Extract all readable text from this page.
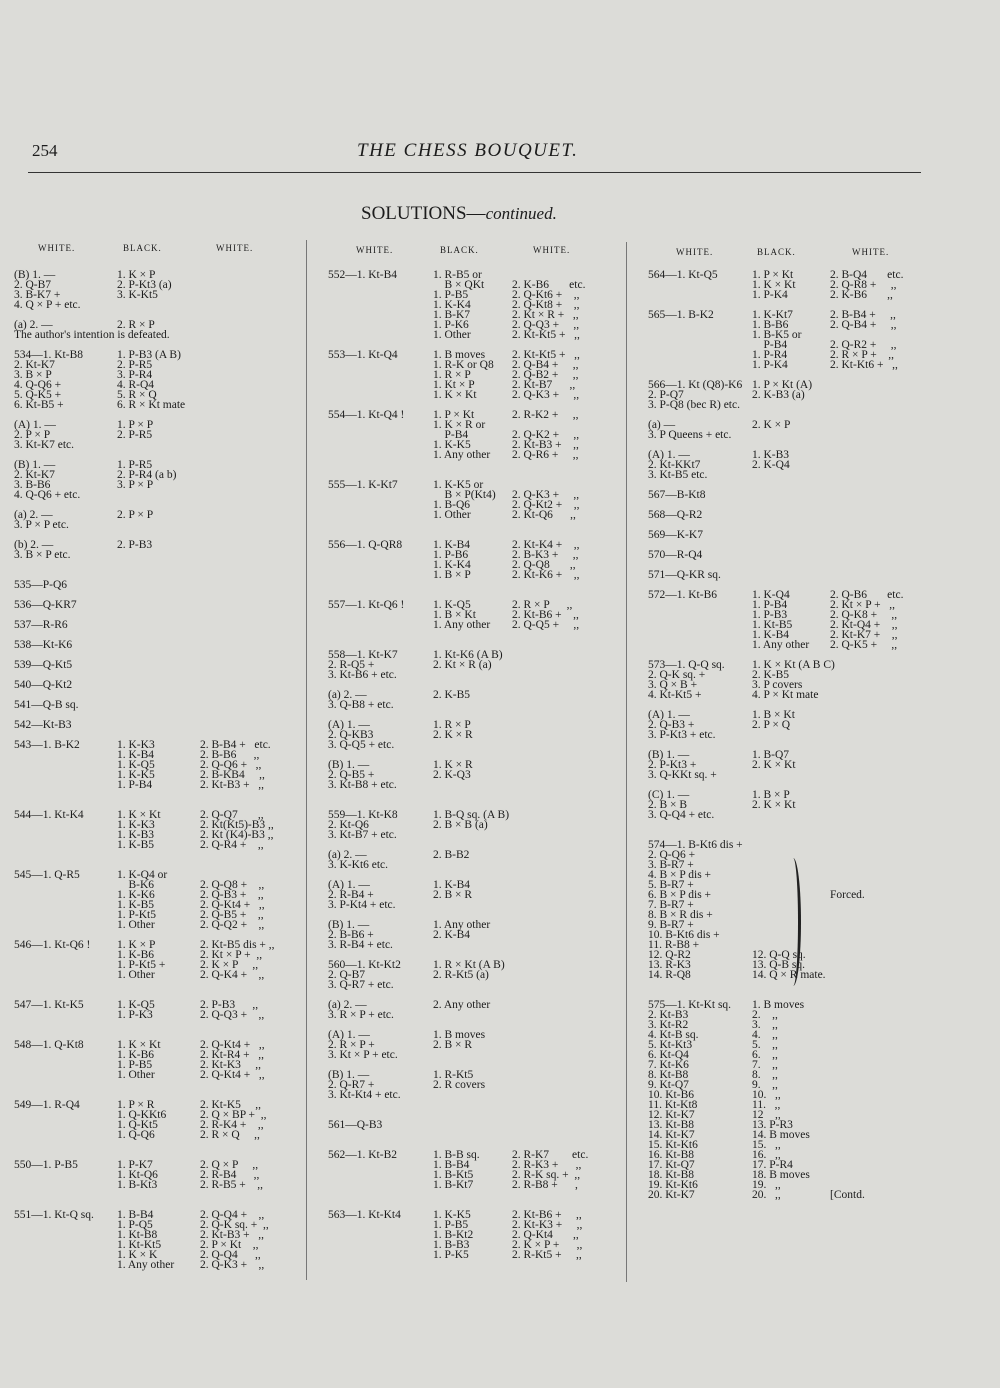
254	THE CHESS BOUQUET.
SOLUTIONS—continued.
WHITE.	BLACK.	WHITE.	WHITE.	BLACK.	WHITE.	WHITE.	BLACK.	WHITE.
(B) 1. —	1. K × P
2. Q-B7	2. P-Kt3 (a)
3. B-K7 +	3. K-Kt5
4. Q × P + etc.
(a) 2. —	2. R × P
The author's intention is defeated.
534—1. Kt-B8	1. P-B3 (A B)
2. Kt-K7	2. P-R5
3. B × P	3. P-R4
4. Q-Q6 +	4. R-Q4
5. Q-K5 +	5. R × Q
6. Kt-B5 +	6. R × Kt mate
(A) 1. —	1. P × P
2. P × P	2. P-R5
3. Kt-K7 etc.
(B) 1. —	1. P-R5
2. Kt-K7	2. P-R4 (a b)
3. B-B6	3. P × P
4. Q-Q6 + etc.
(a) 2. —	2. P × P
3. P × P etc.
(b) 2. —	2. P-B3
3. B × P etc.
535—P-Q6
536—Q-KR7
537—R-R6
538—Kt-K6
539—Q-Kt5
540—Q-Kt2
541—Q-B sq.
542—Kt-B3
543—1. B-K2	1. K-K3	2. B-B4 +   etc.
1. K-B4	2. B-B6      ,,
1. K-Q5	2. Q-Q6 +   ,,
1. K-K5	2. B-KB4     ,,
1. P-B4	2. Kt-B3 +   ,,
544—1. Kt-K4	1. K × Kt	2. Q-Q7       ,,
1. K-K3	2. Kt(Kt5)-B3 ,,
1. K-B3	2. Kt (K4)-B3 ,,
1. K-B5	2. Q-R4 +    ,,
545—1. Q-R5	1. K-Q4 or
B-K6	2. Q-Q8 +    ,,
1. K-K6	2. Q-B3 +    ,,
1. K-B5	2. Q-Kt4 +   ,,
1. P-Kt5	2. Q-B5 +    ,,
1. Other	2. Q-Q2 +    ,,
546—1. Kt-Q6 ! 1. K × P	2. Kt-B5 dis + ,,
1. K-B6	2. Kt × P +  ,,
1. P-Kt5 +	2. K × P     ,,
1. Other	2. Q-K4 +    ,,
547—1. Kt-K5	1. K-Q5	2. P-B3      ,,
1. P-K3	2. Q-Q3 +    ,,
548—1. Q-Kt8	1. K × Kt	2. Q-Kt4 +   ,,
1. K-B6	2. Kt-R4 +   ,,
1. P-B5	2. Kt-K3     ,,
1. Other	2. Q-Kt4 +   ,,
549—1. R-Q4	1. P × R	2. Kt-K5     ,,
1. Q-KKt6	2. Q × BP +  ,,
1. Q-Kt5	2. R-K4 +    ,,
1. Q-Q6	2. R × Q     ,,
550—1. P-B5	1. P-K7	2. Q × P     ,,
1. Kt-Q6	2. R-B4      ,,
1. B-Kt3	2. R-B5 +    ,,
551—1. Kt-Q sq. 1. B-B4	2. Q-Q4 +    ,,
1. P-Q5	2. Q-K sq. +  ,,
1. Kt-B8	2. Kt-B3 +   ,,
1. Kt-Kt5	2. P × Kt    ,,
1. K × K	2. Q-Q4      ,,
1. Any other 2. Q-K3 +    ,,
552—1. Kt-B4	1. R-B5 or
B × QKt 2. K-B6       etc.
1. P-B5	2. Q-Kt6 +    ,,
1. K-K4	2. Q-Kt8 +    ,,
1. B-K7	2. Kt × R +   ,,
1. P-K6	2. Q-Q3 +     ,,
1. Other	2. Kt-Kt5 +   ,,
553—1. Kt-Q4	1. B moves 2. Kt-Kt5 +   ,,
1. R-K or Q8 2. Q-B4 +     ,,
1. R × P	2. Q-B2 +     ,,
1. Kt × P	2. Kt-B7      ,,
1. K × Kt	2. Q-K3 +     ,,
554—1. Kt-Q4 ! 1. P × Kt	2. R-K2 +     ,,
1. K × R or
P-B4	2. Q-K2 +     ,,
1. K-K5	2. Kt-B3 +    ,,
1. Any other 2. Q-R6 +     ,,
555—1. K-Kt7	1. K-K5 or
B × P(Kt4) 2. Q-K3 +     ,,
1. B-Q6	2. Q-Kt2 +    ,,
1. Other	2. Kt-Q6      ,,
556—1. Q-QR8	1. K-B4	2. Kt-K4 +    ,,
1. P-B6	2. B-K3 +     ,,
1. K-K4	2. Q-Q8       ,,
1. B × P	2. Kt-K6 +    ,,
557—1. Kt-Q6 ! 1. K-Q5	2. R × P      ,,
1. B × Kt	2. Kt-B6 +    ,,
1. Any other 2. Q-Q5 +     ,,
558—1. Kt-K7	1. Kt-K6 (A B)
2. R-Q5 +	2. Kt × R (a)
3. Kt-B6 + etc.
(a) 2. —	2. K-B5
3. Q-B8 + etc.
(A) 1. —	1. R × P
2. Q-KB3	2. K × R
3. Q-Q5 + etc.
(B) 1. —	1. K × R
2. Q-B5 +	2. K-Q3
3. Kt-B8 + etc.
559—1. Kt-K8	1. B-Q sq. (A B)
2. Kt-Q6	2. B × B (a)
3. Kt-B7 + etc.
(a) 2. —	2. B-B2
3. K-Kt6 etc.
(A) 1. —	1. K-B4
2. R-B4 +	2. B × R
3. P-Kt4 + etc.
(B) 1. —	1. Any other
2. B-B6 +	2. K-B4
3. R-B4 + etc.
560—1. Kt-Kt2	1. R × Kt (A B)
2. Q-B7	2. R-Kt5 (a)
3. Q-R7 + etc.
(a) 2. —	2. Any other
3. R × P + etc.
(A) 1. —	1. B moves
2. R × P +	2. B × R
3. Kt × P + etc.
(B) 1. —	1. R-Kt5
2. Q-R7 +	2. R covers
3. Kt-Kt4 + etc.
561—Q-B3
562—1. Kt-B2	1. B-B sq.	2. R-K7        etc.
1. B-B4	2. R-K3 +      ,,
1. B-Kt5	2. R-K sq. +  ,,
1. B-Kt7	2. R-B8 +      ,
563—1. Kt-Kt4	1. K-K5	2. Kt-B6 +     ,,
1. P-B5	2. Kt-K3 +     ,,
1. B-Kt2	2. Q-Kt4       ,,
1. B-B3	2. K × P +      ,,
1. P-K5	2. R-Kt5 +     ,,
564—1. Kt-Q5	1. P × Kt	2. B-Q4       etc.
1. K × Kt	2. Q-R8 +     ,,
1. P-K4	2. K-B6       ,,
565—1. B-K2	1. K-Kt7	2. B-B4 +     ,,
1. B-B6	2. Q-B4 +     ,,
1. B-K5 or
P-B4	2. Q-R2 +     ,,
1. P-R4	2. R × P +    ,,
1. P-K4	2. Kt-Kt6 +   ,,
566—1. Kt (Q8)-K6 1. P × Kt (A)
2. P-Q7	2. K-B3 (a)
3. P-Q8 (bec R) etc.
(a) —	2. K × P
3. P Queens + etc.
(A) 1. —	1. K-B3
2. Kt-KKt7	2. K-Q4
3. Kt-B5 etc.
567—B-Kt8
568—Q-R2
569—K-K7
570—R-Q4
571—Q-KR sq.
572—1. Kt-B6	1. K-Q4	2. Q-B6       etc.
1. P-B4	2. Kt × P +   ,,
1. P-B3	2. Q-K8 +     ,,
1. Kt-B5	2. Kt-Q4 +    ,,
1. K-B4	2. Kt-K7 +    ,,
1. Any other 2. Q-K5 +     ,,
573—1. Q-Q sq. 1. K × Kt (A B C)
2. Q-K sq. +	2. K-B5
3. Q × B +	3. P covers
4. Kt-Kt5 +	4. P × Kt mate
(A) 1. —	1. B × Kt
2. Q-B3 +	2. P × Q
3. P-Kt3 + etc.
(B) 1. —	1. B-Q7
2. P-Kt3 +	2. K × Kt
3. Q-KKt sq. +
(C) 1. —	1. B × P
2. B × B	2. K × Kt
3. Q-Q4 + etc.
574—1. B-Kt6 dis +
2. Q-Q6 +
3. B-R7 +
4. B × P dis +
5. B-R7 +
6. B × P dis +	Forced.
7. B-R7 +
8. B × R dis +
9. B-R7 +
10. B-Kt6 dis +
11. R-B8 +
12. Q-R2	12. Q-Q sq.
13. R-K3	13. Q-B sq.
14. R-Q8	14. Q × R mate.
575—1. Kt-Kt sq. 1. B moves
2. Kt-B3	2.    ,,
3. Kt-R2	3.    ,,
4. Kt-B sq.	4.    ,,
5. Kt-Kt3	5.    ,,
6. Kt-Q4	6.    ,,
7. Kt-K6	7.    ,,
8. Kt-B8	8.    ,,
9. Kt-Q7	9.    ,,
10. Kt-B6	10.   ,,
11. Kt-Kt8	11.   ,,
12. Kt-K7	12    ,,
13. Kt-B8	13. P-R3
14. Kt-K7	14. B moves
15. Kt-Kt6	15.   ,,
16. Kt-B8	16.   ,,
17. Kt-Q7	17. P-R4
18. Kt-B8	18. B moves
19. Kt-Kt6	19.   ,,
20. Kt-K7	20.   ,,	[Contd.
